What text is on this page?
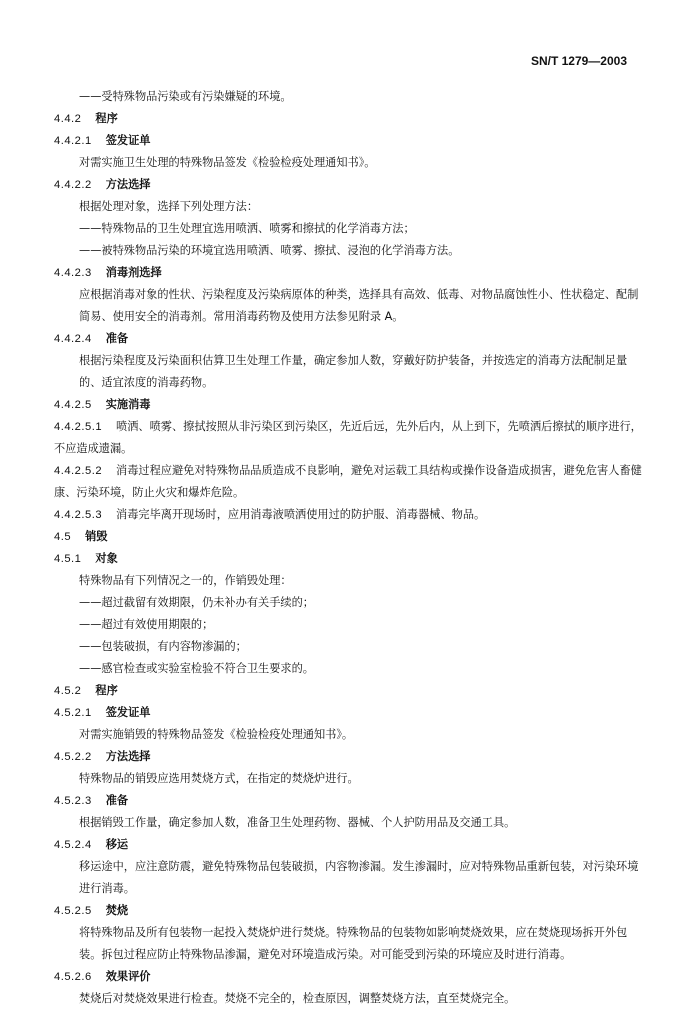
SN/T 1279—2003
——受特殊物品污染或有污染嫌疑的环境。
4.4.2 程序
4.4.2.1 签发证单
对需实施卫生处理的特殊物品签发《检验检疫处理通知书》。
4.4.2.2 方法选择
根据处理对象，选择下列处理方法：
——特殊物品的卫生处理宜选用喷洒、喷雾和擦拭的化学消毒方法；
——被特殊物品污染的环境宜选用喷洒、喷雾、擦拭、浸泡的化学消毒方法。
4.4.2.3 消毒剂选择
应根据消毒对象的性状、污染程度及污染病原体的种类，选择具有高效、低毒、对物品腐蚀性小、性状稳定、配制简易、使用安全的消毒剂。常用消毒药物及使用方法参见附录 A。
4.4.2.4 准备
根据污染程度及污染面积估算卫生处理工作量，确定参加人数，穿戴好防护装备，并按选定的消毒方法配制足量的、适宜浓度的消毒药物。
4.4.2.5 实施消毒
4.4.2.5.1 喷洒、喷雾、擦拭按照从非污染区到污染区，先近后远，先外后内，从上到下，先喷洒后擦拭的顺序进行，不应造成遗漏。
4.4.2.5.2 消毒过程应避免对特殊物品品质造成不良影响，避免对运载工具结构或操作设备造成损害，避免危害人畜健康、污染环境，防止火灾和爆炸危险。
4.4.2.5.3 消毒完毕离开现场时，应用消毒液喷洒使用过的防护服、消毒器械、物品。
4.5 销毁
4.5.1 对象
特殊物品有下列情况之一的，作销毁处理：
——超过截留有效期限，仍未补办有关手续的；
——超过有效使用期限的；
——包装破损，有内容物渗漏的；
——感官检查或实验室检验不符合卫生要求的。
4.5.2 程序
4.5.2.1 签发证单
对需实施销毁的特殊物品签发《检验检疫处理通知书》。
4.5.2.2 方法选择
特殊物品的销毁应选用焚烧方式，在指定的焚烧炉进行。
4.5.2.3 准备
根据销毁工作量，确定参加人数，准备卫生处理药物、器械、个人护防用品及交通工具。
4.5.2.4 移运
移运途中，应注意防震，避免特殊物品包装破损，内容物渗漏。发生渗漏时，应对特殊物品重新包装，对污染环境进行消毒。
4.5.2.5 焚烧
将特殊物品及所有包装物一起投入焚烧炉进行焚烧。特殊物品的包装物如影响焚烧效果，应在焚烧现场拆开外包装。拆包过程应防止特殊物品渗漏，避免对环境造成污染。对可能受到污染的环境应及时进行消毒。
4.5.2.6 效果评价
焚烧后对焚烧效果进行检查。焚烧不完全的，检查原因，调整焚烧方法，直至焚烧完全。
